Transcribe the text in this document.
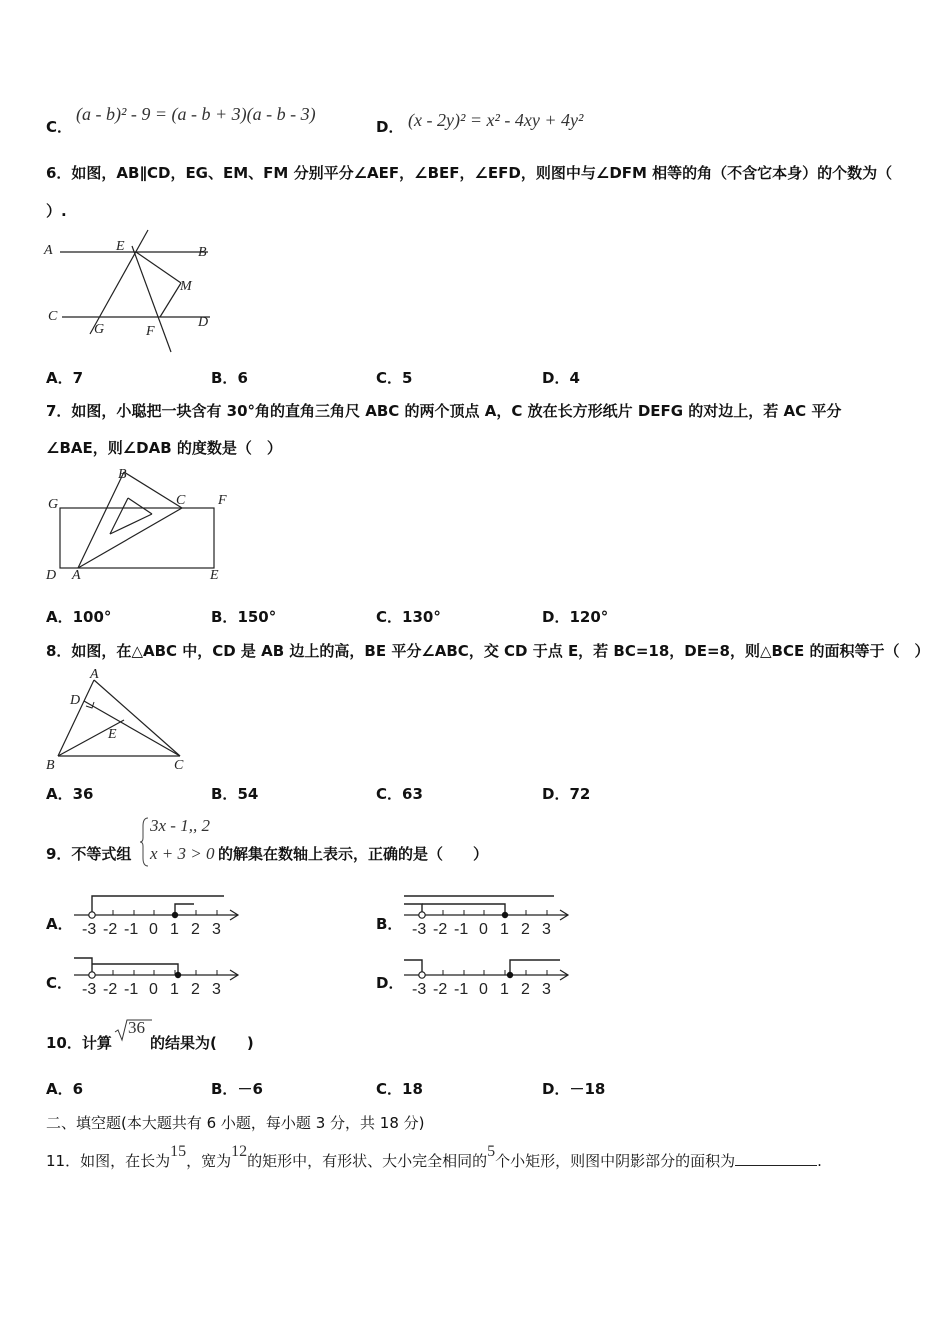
C．
(a - b)² - 9 = (a - b + 3)(a - b - 3)
D． (x - 2y)² = x² - 4xy + 4y²
6．如图，AB∥CD，EG、EM、FM 分别平分∠AEF，∠BEF，∠EFD，则图中与∠DFM 相等的角（不含它本身）的个数为（
）.
A	E	B
M
C
G	F
D
A．7	B．6	C．5	D．4
7．如图，小聪把一块含有 30°角的直角三角尺 ABC 的两个顶点 A，C 放在长方形纸片 DEFG 的对边上，若 AC 平分
∠BAE，则∠DAB 的度数是（　）
G
B
C F
D A	E
A．100°	B．150°	C．130°	D．120°
8．如图，在△ABC 中，CD 是 AB 边上的高，BE 平分∠ABC，交 CD 于点 E，若 BC=18，DE=8，则△BCE 的面积等于（　）
A
D
E
B	C
A．36	B．54	C．63	D．72
9．不等式组
3x - 1,, 2
x + 3 > 0 的解集在数轴上表示，正确的是（　　）
A．	B．
C．	D．
-3 -2 -1 0 1 2 3	-3 -2 -1 0 1 2 3
-3 -2 -1 0 1 2 3	-3 -2 -1 0 1 2 3
10．计算
36
的结果为(　　)
A．6	B．－6	C．18	D．－18
二、填空题(本大题共有 6 小题，每小题 3 分，共 18 分)
11．如图，在长为15，宽为12的矩形中，有形状、大小完全相同的5个小矩形，则图中阴影部分的面积为	.
